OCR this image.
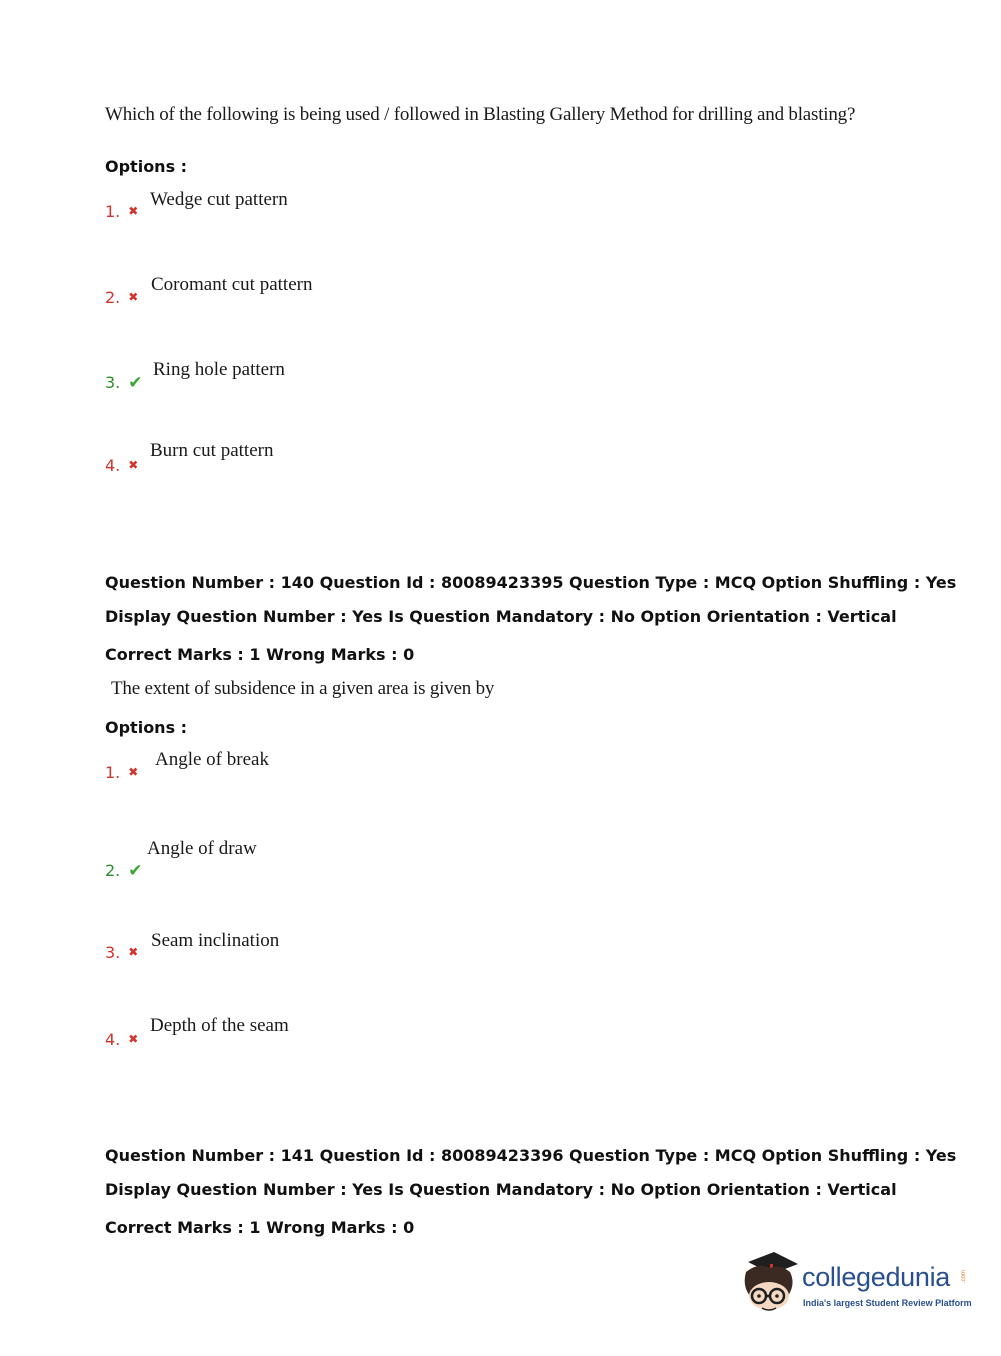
Which of the following is being used / followed in Blasting Gallery Method for drilling and blasting?
Options :
1. ✖
Wedge cut pattern
2. ✖
Coromant cut pattern
3. ✔
Ring hole pattern
4. ✖
Burn cut pattern
Question Number : 140 Question Id : 80089423395 Question Type : MCQ Option Shuffling : Yes
Display Question Number : Yes Is Question Mandatory : No Option Orientation : Vertical
Correct Marks : 1 Wrong Marks : 0
The extent of subsidence in a given area is given by
Options :
1. ✖
Angle of break
2. ✔
Angle of draw
3. ✖
Seam inclination
4. ✖
Depth of the seam
Question Number : 141 Question Id : 80089423396 Question Type : MCQ Option Shuffling : Yes
Display Question Number : Yes Is Question Mandatory : No Option Orientation : Vertical
Correct Marks : 1 Wrong Marks : 0
collegedunia .com
India's largest Student Review Platform
